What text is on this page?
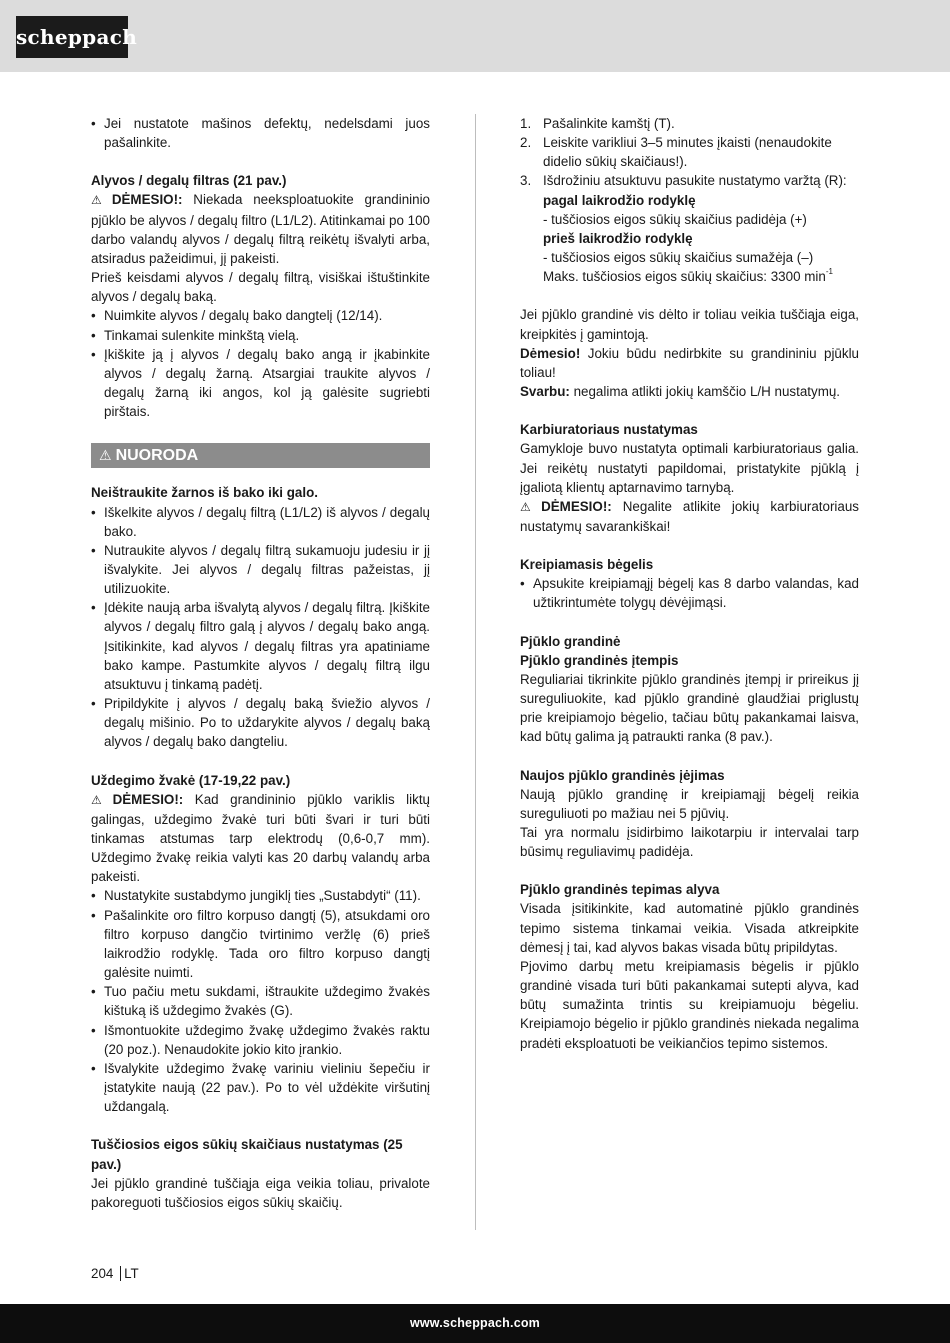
scheppach
• Jei nustatote mašinos defektų, nedelsdami juos pašalinkite.

Alyvos / degalų filtras (21 pav.)

⚠ DĖMESIO!: Niekada neeksploatuokite grandininio pjūklo be alyvos / degalų filtro (L1/L2). Atitinkamai po 100 darbo valandų alyvos / degalų filtrą reikėtų išvalyti arba, atsiradus pažeidimui, jį pakeisti.

Prieš keisdami alyvos / degalų filtrą, visiškai ištuštinkite alyvos / degalų baką.

• Nuimkite alyvos / degalų bako dangtelį (12/14).
• Tinkamai sulenkite minkštą vielą.
• Įkiškite ją į alyvos / degalų bako angą ir įkabinkite alyvos / degalų žarną. Atsargiai traukite alyvos / degalų žarną iki angos, kol ją galėsite sugriebti pirštais.
⚠ NUORODA

Neištraukite žarnos iš bako iki galo.

• Iškelkite alyvos / degalų filtrą (L1/L2) iš alyvos / degalų bako.
• Nutraukite alyvos / degalų filtrą sukamuoju judesiu ir jį išvalykite. Jei alyvos / degalų filtras pažeistas, jį utilizuokite.
• Įdėkite naują arba išvalytą alyvos / degalų filtrą. Įkiškite alyvos / degalų filtro galą į alyvos / degalų bako angą. Įsitikinkite, kad alyvos / degalų filtras yra apatiniame bako kampe. Pastumkite alyvos / degalų filtrą ilgu atsuktuvu į tinkamą padėtį.
• Pripildykite į alyvos / degalų baką šviežio alyvos / degalų mišinio. Po to uždarykite alyvos / degalų baką alyvos / degalų bako dangteliu.

Uždegimo žvakė (17-19,22 pav.)

⚠ DĖMESIO!: Kad grandininio pjūklo variklis liktų galingas, uždegimo žvakė turi būti švari ir turi būti tinkamas atstumas tarp elektrodų (0,6-0,7 mm). Uždegimo žvakę reikia valyti kas 20 darbų valandų arba pakeisti.

• Nustatykite sustabdymo jungiklį ties „Sustabdyti“ (11).
• Pašalinkite oro filtro korpuso dangtį (5), atsukdami oro filtro korpuso dangčio tvirtinimo veržlę (6) prieš laikrodžio rodyklę. Tada oro filtro korpuso dangtį galėsite nuimti.
• Tuo pačiu metu sukdami, ištraukite uždegimo žvakės kištuką iš uždegimo žvakės (G).
• Išmontuokite uždegimo žvakę uždegimo žvakės raktu (20 poz.). Nenaudokite jokio kito įrankio.
• Išvalykite uždegimo žvakę variniu vieliniu šepečiu ir įstatykite naują (22 pav.). Po to vėl uždėkite viršutinį uždangalą.

Tuščiosios eigos sūkių skaičiaus nustatymas (25 pav.)

Jei pjūklo grandinė tuščiąja eiga veikia toliau, privalote pakoreguoti tuščiosios eigos sūkių skaičių.

1. Pašalinkite kamštį (T).
2. Leiskite varikliui 3–5 minutes įkaisti (nenaudokite didelio sūkių skaičiaus!).
3. Išdrožiniu atsuktuvu pasukite nustatymo varžtą (R):
pagal laikrodžio rodyklę
- tuščiosios eigos sūkių skaičius padidėja (+)
prieš laikrodžio rodyklę
- tuščiosios eigos sūkių skaičius sumažėja (–)
Maks. tuščiosios eigos sūkių skaičius: 3300 $\min^{-1}$

Jei pjūklo grandinė vis dėlto ir toliau veikia tuščiąja eiga, kreipkitės į gamintoją.

Dėmesio! Jokiu būdu nedirbkite su grandininiu pjūklu toliau!

Svarbu: negalima atlikti jokių kamščio L/H nustatymų.

Karbiuratoriaus nustatymas

Gamykloje buvo nustatyta optimali karbiuratoriaus galia. Jei reikėtų nustatyti papildomai, pristatykite pjūklą į įgaliotą klientų aptarnavimo tarnybą.

⚠ DĖMESIO!: Negalite atlikite jokių karbiuratoriaus nustatymų savarankiškai!

Kreipiamasis bėgelis

• Apsukite kreipiamąjį bėgelį kas 8 darbo valandas, kad užtikrintumėte tolygų dėvėjimąsi.

Pjūklo grandinė

Pjūklo grandinės įtempis

Reguliariai tikrinkite pjūklo grandinės įtempį ir prireikus jį sureguliuokite, kad pjūklo grandinė glaudžiai priglustų prie kreipiamojo bėgelio, tačiau būtų pakankamai laisva, kad būtų galima ją patraukti ranka (8 pav.).

Naujos pjūklo grandinės įėjimas

Naują pjūklo grandinę ir kreipiamąjį bėgelį reikia sureguliuoti po mažiau nei 5 pjūvių.

Tai yra normalu įsidirbimo laikotarpiu ir intervalai tarp būsimų reguliavimų padidėja.

Pjūklo grandinės tepimas alyva

Visada įsitikinkite, kad automatinė pjūklo grandinės tepimo sistema tinkamai veikia. Visada atkreipkite dėmesį į tai, kad alyvos bakas visada būtų pripildytas.

Pjovimo darbų metu kreipiamasis bėgelis ir pjūklo grandinė visada turi būti pakankamai sutepti alyva, kad būtų sumažinta trintis su kreipiamuoju bėgeliu. Kreipiamojo bėgelio ir pjūklo grandinės niekada negalima pradėti eksploatuoti be veikiančios tepimo sistemos.

204 LT
www.scheppach.com
